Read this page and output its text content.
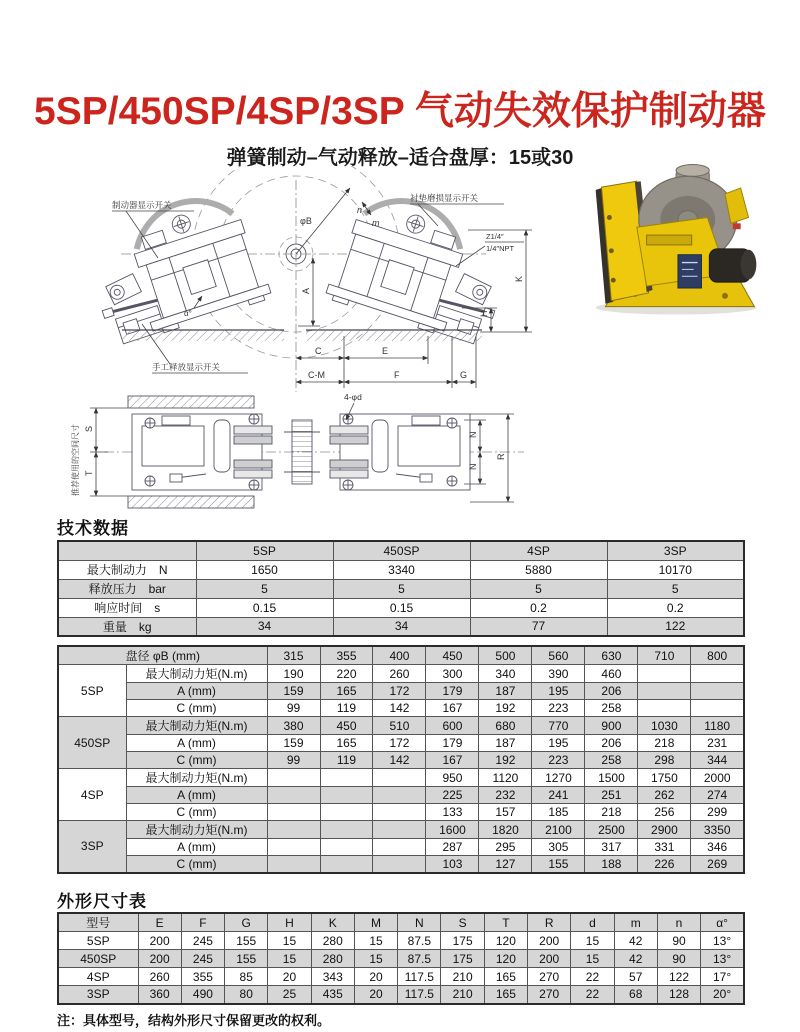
5SP/450SP/4SP/3SP 气动失效保护制动器
弹簧制动–气动释放–适合盘厚：15或30
φB
n
m
A
K
H
α°
制动器显示开关
手工释放显示开关
衬垫磨损显示开关
Z1/4″
1/4″NPT
C	E
C-M	F	G
推荐使用的空间尺寸 S
T
4-φd
N
N
R
技术数据
	5SP	450SP	4SP	3SP
最大制动力　N	1650	3340	5880	10170
释放压力　bar	5	5	5	5
响应时间　s	0.15	0.15	0.2	0.2
重量　kg	34	34	77	122
盘径 φB (mm)		315	355	400	450	500	560	630	710	800
5SP	最大制动力矩(N.m)	190	220	260	300	340	390	460		
	A (mm)	159	165	172	179	187	195	206		
	C (mm)	99	119	142	167	192	223	258		
450SP	最大制动力矩(N.m)	380	450	510	600	680	770	900	1030	1180
	A (mm)	159	165	172	179	187	195	206	218	231
	C (mm)	99	119	142	167	192	223	258	298	344
4SP	最大制动力矩(N.m)				950	1120	1270	1500	1750	2000
	A (mm)				225	232	241	251	262	274
	C (mm)				133	157	185	218	256	299
3SP	最大制动力矩(N.m)				1600	1820	2100	2500	2900	3350
	A (mm)				287	295	305	317	331	346
	C (mm)				103	127	155	188	226	269
外形尺寸表
型号	E	F	G	H	K	M	N	S	T	R	d	m	n	α°
5SP	200	245	155	15	280	15	87.5	175	120	200	15	42	90	13°
450SP	200	245	155	15	280	15	87.5	175	120	200	15	42	90	13°
4SP	260	355	85	20	343	20	117.5	210	165	270	22	57	122	17°
3SP	360	490	80	25	435	20	117.5	210	165	270	22	68	128	20°
注：具体型号，结构外形尺寸保留更改的权利。
